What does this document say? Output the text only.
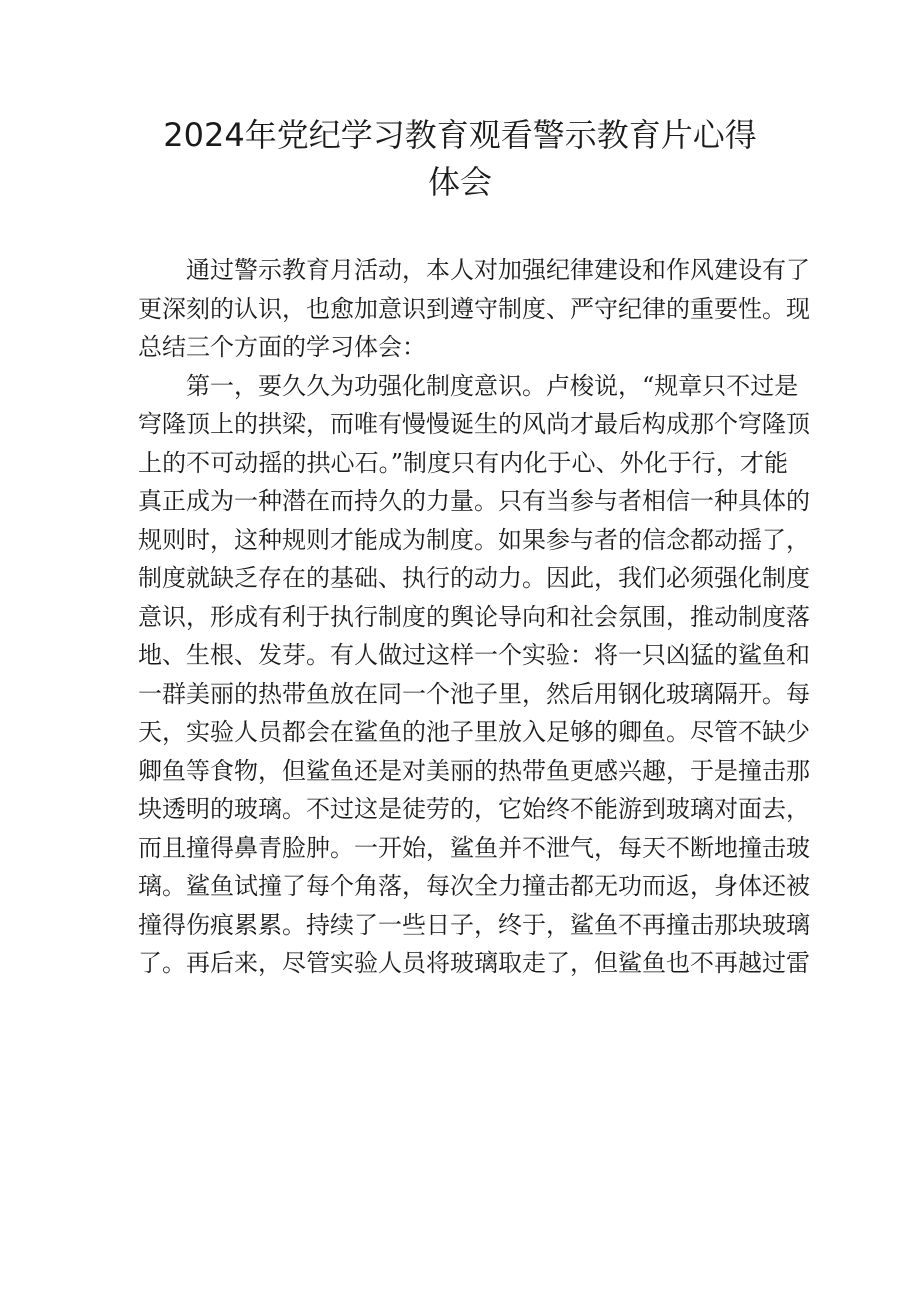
2024年党纪学习教育观看警示教育片心得
体会
通过警示教育月活动，本人对加强纪律建设和作风建设有了
更深刻的认识，也愈加意识到遵守制度、严守纪律的重要性。现
总结三个方面的学习体会：
第一，要久久为功强化制度意识。卢梭说，“规章只不过是
穹隆顶上的拱梁，而唯有慢慢诞生的风尚才最后构成那个穹隆顶
上的不可动摇的拱心石。”制度只有内化于心、外化于行，才能
真正成为一种潜在而持久的力量。只有当参与者相信一种具体的
规则时，这种规则才能成为制度。如果参与者的信念都动摇了，
制度就缺乏存在的基础、执行的动力。因此，我们必须强化制度
意识，形成有利于执行制度的舆论导向和社会氛围，推动制度落
地、生根、发芽。有人做过这样一个实验：将一只凶猛的鲨鱼和
一群美丽的热带鱼放在同一个池子里，然后用钢化玻璃隔开。每
天，实验人员都会在鲨鱼的池子里放入足够的卿鱼。尽管不缺少
卿鱼等食物，但鲨鱼还是对美丽的热带鱼更感兴趣，于是撞击那
块透明的玻璃。不过这是徒劳的，它始终不能游到玻璃对面去，
而且撞得鼻青脸肿。一开始，鲨鱼并不泄气，每天不断地撞击玻
璃。鲨鱼试撞了每个角落，每次全力撞击都无功而返，身体还被
撞得伤痕累累。持续了一些日子，终于，鲨鱼不再撞击那块玻璃
了。再后来，尽管实验人员将玻璃取走了，但鲨鱼也不再越过雷
